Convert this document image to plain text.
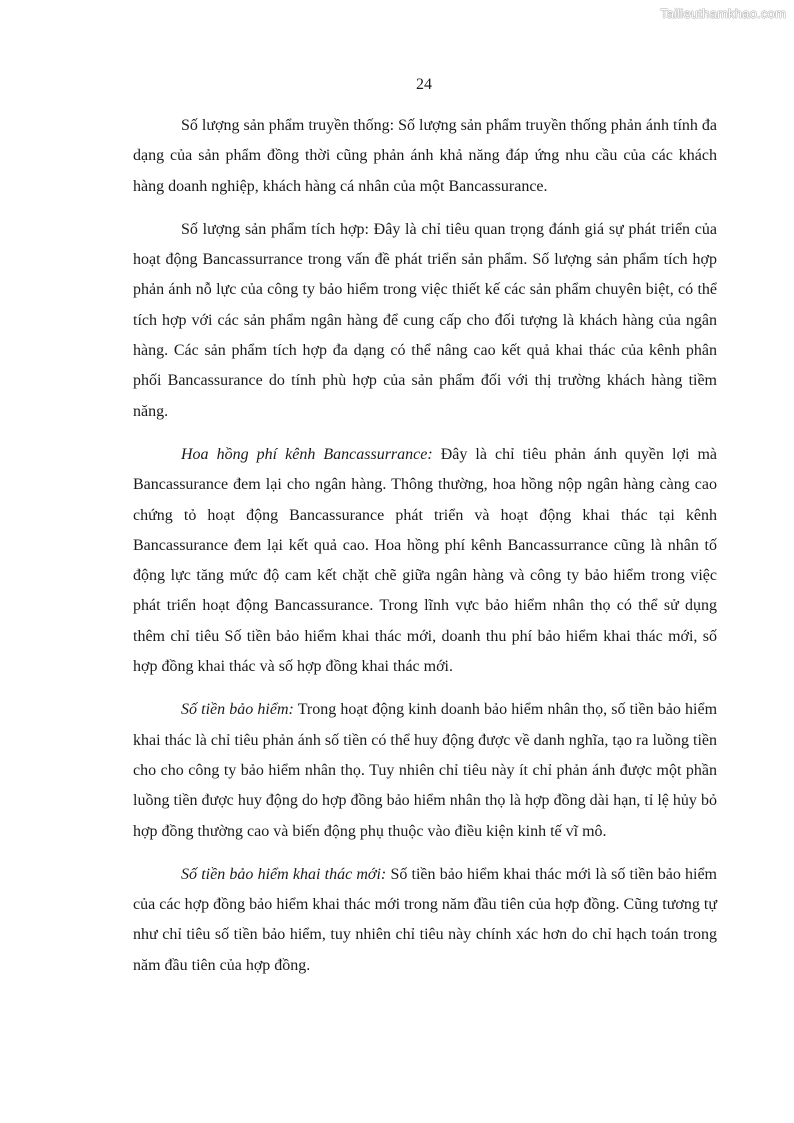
Tailieuthamkhao.com
24

Số lượng sản phẩm truyền thống: Số lượng sản phẩm truyền thống phản ánh tính đa dạng của sản phẩm đồng thời cũng phản ánh khả năng đáp ứng nhu cầu của các khách hàng doanh nghiệp, khách hàng cá nhân của một Bancassurance.

Số lượng sản phẩm tích hợp: Đây là chỉ tiêu quan trọng đánh giá sự phát triển của hoạt động Bancassurrance trong vấn đề phát triển sản phẩm. Số lượng sản phẩm tích hợp phản ánh nỗ lực của công ty bảo hiểm trong việc thiết kế các sản phẩm chuyên biệt, có thể tích hợp với các sản phẩm ngân hàng để cung cấp cho đối tượng là khách hàng của ngân hàng. Các sản phẩm tích hợp đa dạng có thể nâng cao kết quả khai thác của kênh phân phối Bancassurance do tính phù hợp của sản phẩm đối với thị trường khách hàng tiềm năng.

Hoa hồng phí kênh Bancassurrance: Đây là chỉ tiêu phản ánh quyền lợi mà Bancassurance đem lại cho ngân hàng. Thông thường, hoa hồng nộp ngân hàng càng cao chứng tỏ hoạt động Bancassurance phát triển và hoạt động khai thác tại kênh Bancassurance đem lại kết quả cao. Hoa hồng phí kênh Bancassurrance cũng là nhân tố động lực tăng mức độ cam kết chặt chẽ giữa ngân hàng và công ty bảo hiểm trong việc phát triển hoạt động Bancassurance. Trong lĩnh vực bảo hiểm nhân thọ có thể sử dụng thêm chỉ tiêu Số tiền bảo hiểm khai thác mới, doanh thu phí bảo hiểm khai thác mới, số hợp đồng khai thác và số hợp đồng khai thác mới.

Số tiền bảo hiểm: Trong hoạt động kinh doanh bảo hiểm nhân thọ, số tiền bảo hiểm khai thác là chỉ tiêu phản ánh số tiền có thể huy động được về danh nghĩa, tạo ra luồng tiền cho cho công ty bảo hiểm nhân thọ. Tuy nhiên chỉ tiêu này ít chỉ phản ánh được một phần luồng tiền được huy động do hợp đồng bảo hiểm nhân thọ là hợp đồng dài hạn, tỉ lệ hủy bỏ hợp đồng thường cao và biến động phụ thuộc vào điều kiện kinh tế vĩ mô.

Số tiền bảo hiểm khai thác mới: Số tiền bảo hiểm khai thác mới là số tiền bảo hiểm của các hợp đồng bảo hiểm khai thác mới trong năm đầu tiên của hợp đồng. Cũng tương tự như chỉ tiêu số tiền bảo hiểm, tuy nhiên chỉ tiêu này chính xác hơn do chỉ hạch toán trong năm đầu tiên của hợp đồng.
